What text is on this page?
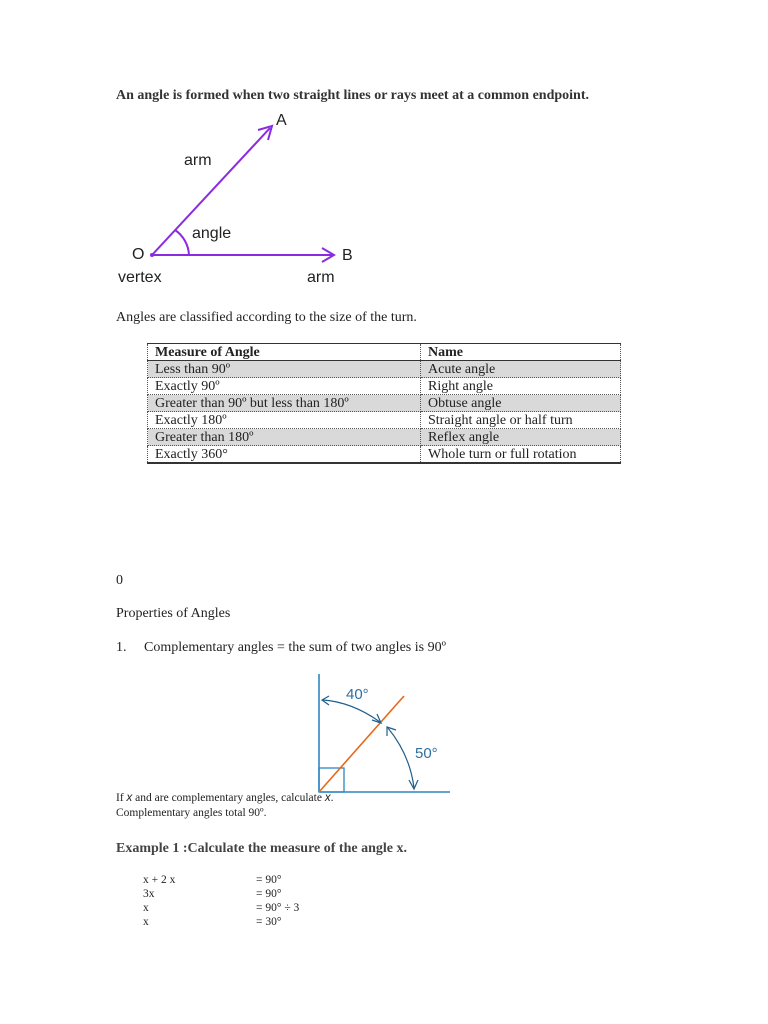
An angle is formed when two straight lines or rays meet at a common endpoint.
A
arm
angle
O	B
vertex	arm
Angles are classified according to the size of the turn.
Measure of Angle	Name
Less than 90º	Acute angle
Exactly 90º	Right angle
Greater than 90º but less than 180º	Obtuse angle
Exactly 180º	Straight angle or half turn
Greater than 180º	Reflex angle
Exactly 360°	Whole turn or full rotation
0
Properties of Angles
1. Complementary angles = the sum of two angles is 90º
40°
50°
If x and are complementary angles, calculate x.
Complementary angles total 90º.
Example 1 :Calculate the measure of the angle x.
x + 2 x	= 90°
3x	= 90°
x	= 90° ÷ 3
x	= 30°
